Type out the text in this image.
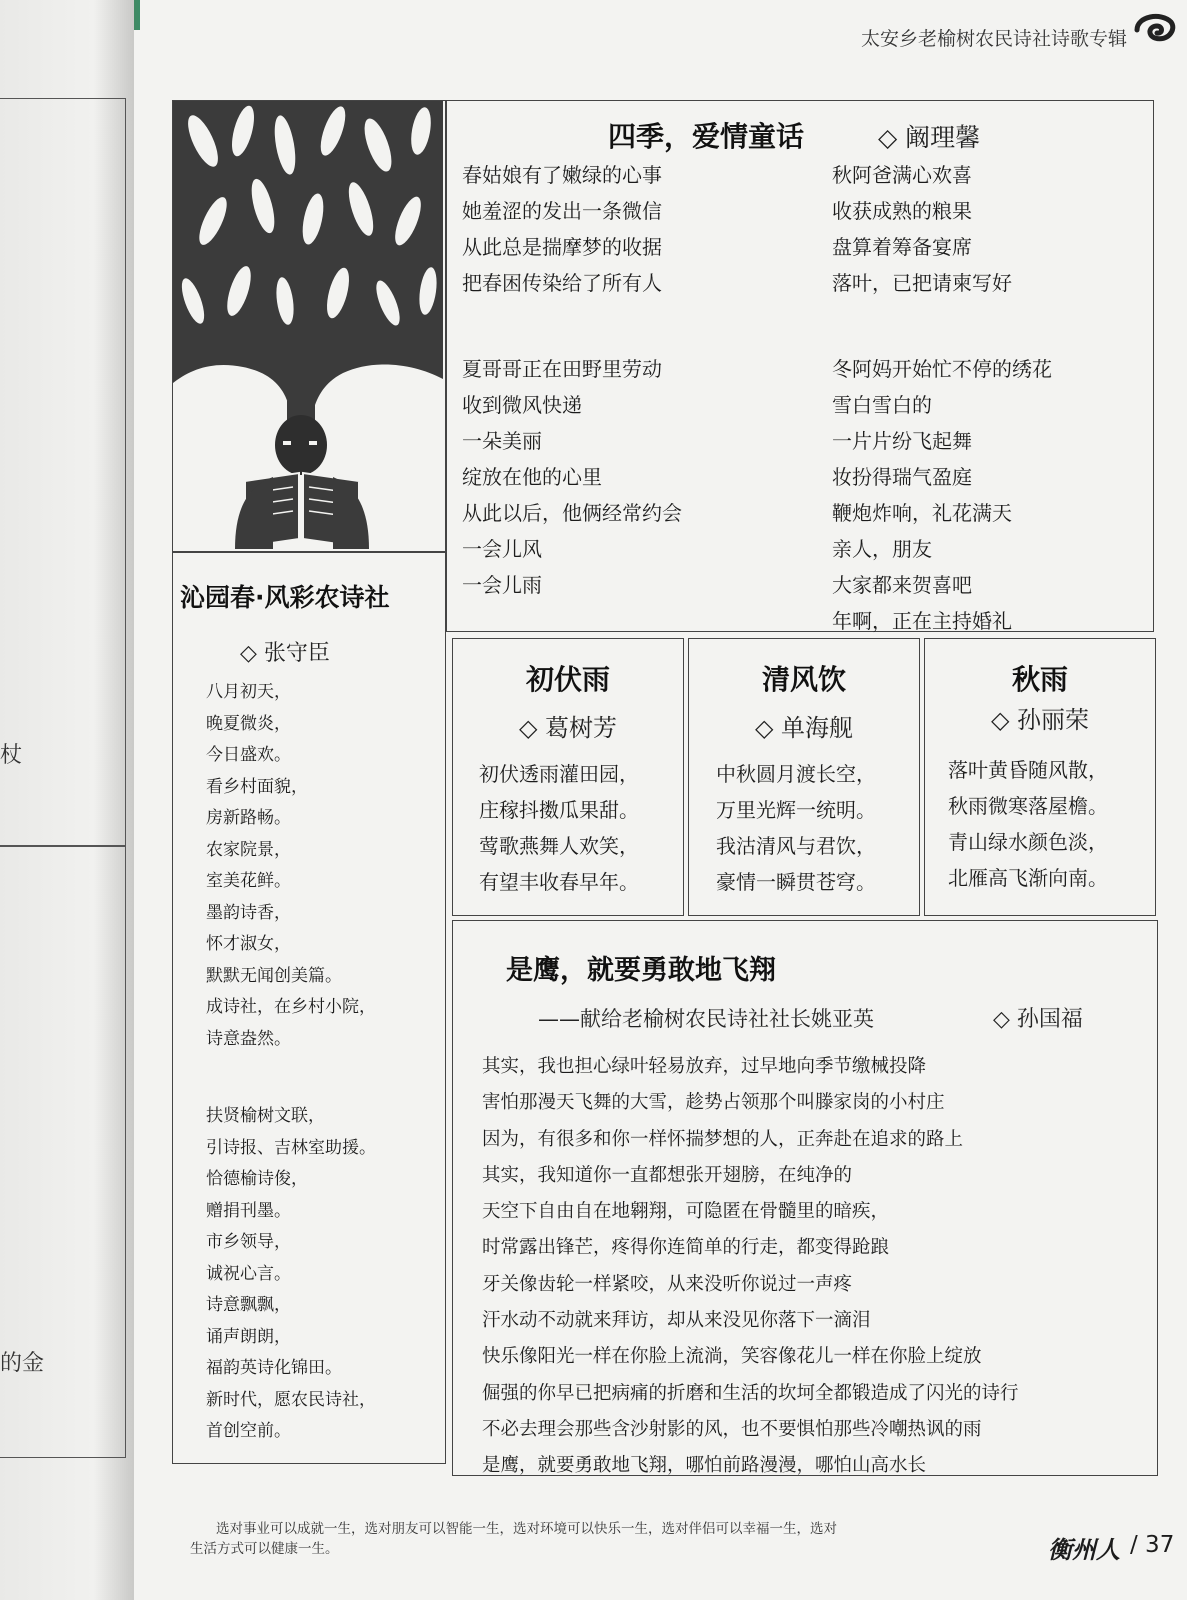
杖
的金
太安乡老榆树农民诗社诗歌专辑
四季，爱情童话	◇ 阚理馨
春姑娘有了嫩绿的心事
她羞涩的发出一条微信
从此总是揣摩梦的收据
把春困传染给了所有人
夏哥哥正在田野里劳动
收到微风快递
一朵美丽
绽放在他的心里
从此以后，他俩经常约会
一会儿风
一会儿雨
秋阿爸满心欢喜
收获成熟的粮果
盘算着筹备宴席
落叶，已把请柬写好
冬阿妈开始忙不停的绣花
雪白雪白的
一片片纷飞起舞
妆扮得瑞气盈庭
鞭炮炸响，礼花满天
亲人，朋友
大家都来贺喜吧
年啊，正在主持婚礼
沁园春·风彩农诗社
◇ 张守臣
八月初天，
晚夏微炎，
今日盛欢。
看乡村面貌，
房新路畅。
农家院景，
室美花鲜。
墨韵诗香，
怀才淑女，
默默无闻创美篇。
成诗社，在乡村小院，
诗意盎然。
扶贤榆树文联，
引诗报、吉林室助援。
恰德榆诗俊，
赠捐刊墨。
市乡领导，
诚祝心言。
诗意飘飘，
诵声朗朗，
福韵英诗化锦田。
新时代，愿农民诗社，
首创空前。
初伏雨
◇ 葛树芳
初伏透雨灌田园，
庄稼抖擞瓜果甜。
莺歌燕舞人欢笑，
有望丰收春早年。
清风饮
◇ 单海舰
中秋圆月渡长空，
万里光辉一统明。
我沽清风与君饮，
豪情一瞬贯苍穹。
秋雨
◇ 孙丽荣
落叶黄昏随风散，
秋雨微寒落屋檐。
青山绿水颜色淡，
北雁高飞渐向南。
是鹰，就要勇敢地飞翔
——献给老榆树农民诗社社长姚亚英	◇ 孙国福
其实，我也担心绿叶轻易放弃，过早地向季节缴械投降
害怕那漫天飞舞的大雪，趁势占领那个叫滕家岗的小村庄
因为，有很多和你一样怀揣梦想的人，正奔赴在追求的路上
其实，我知道你一直都想张开翅膀，在纯净的
天空下自由自在地翱翔，可隐匿在骨髓里的暗疾，
时常露出锋芒，疼得你连简单的行走，都变得跄踉
牙关像齿轮一样紧咬，从来没听你说过一声疼
汗水动不动就来拜访，却从来没见你落下一滴泪
快乐像阳光一样在你脸上流淌，笑容像花儿一样在你脸上绽放
倔强的你早已把病痛的折磨和生活的坎坷全都锻造成了闪光的诗行
不必去理会那些含沙射影的风，也不要惧怕那些冷嘲热讽的雨
是鹰，就要勇敢地飞翔，哪怕前路漫漫，哪怕山高水长
选对事业可以成就一生，选对朋友可以智能一生，选对环境可以快乐一生，选对伴侣可以幸福一生，选对
生活方式可以健康一生。	衡州人 / 37
